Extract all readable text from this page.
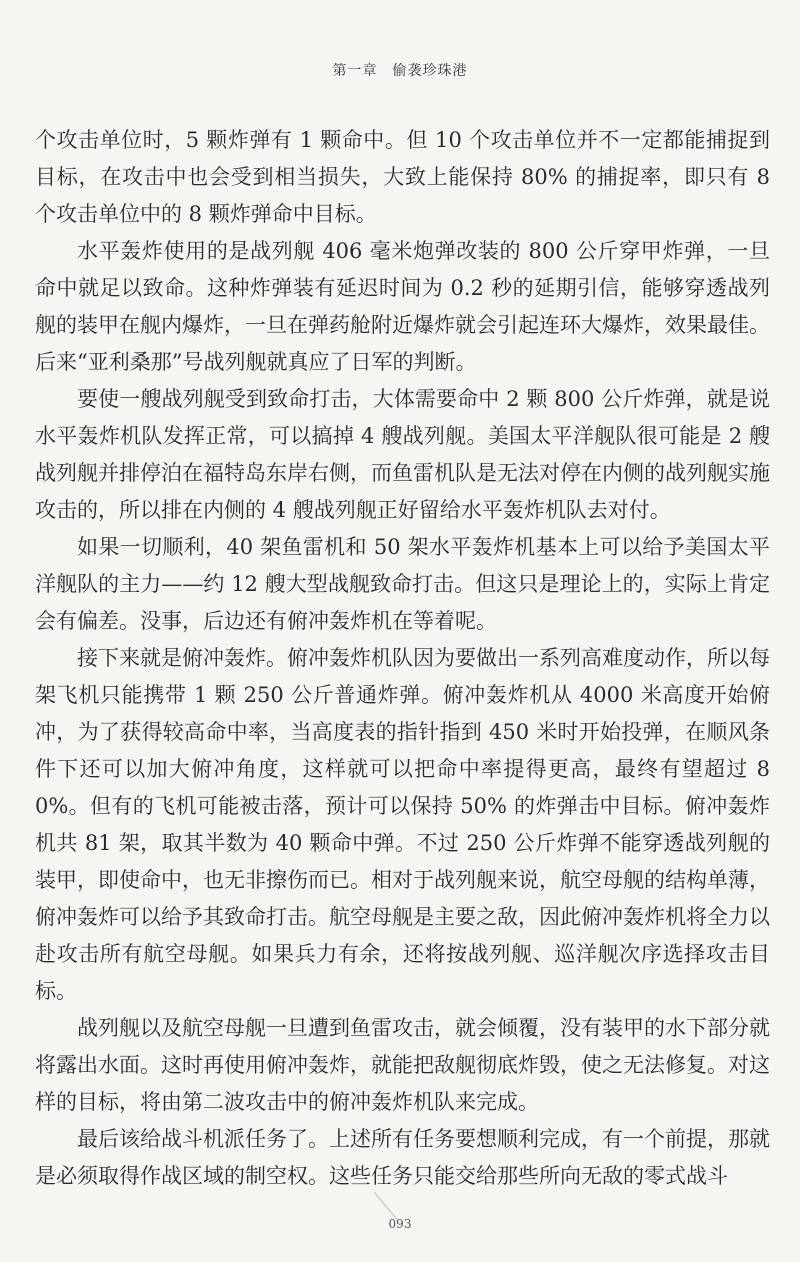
第一章　偷袭珍珠港

个攻击单位时，5 颗炸弹有 1 颗命中。但 10 个攻击单位并不一定都能捕捉到目标，在攻击中也会受到相当损失，大致上能保持 80% 的捕捉率，即只有 8 个攻击单位中的 8 颗炸弹命中目标。

水平轰炸使用的是战列舰 406 毫米炮弹改装的 800 公斤穿甲炸弹，一旦命中就足以致命。这种炸弹装有延迟时间为 0.2 秒的延期引信，能够穿透战列舰的装甲在舰内爆炸，一旦在弹药舱附近爆炸就会引起连环大爆炸，效果最佳。后来“亚利桑那”号战列舰就真应了日军的判断。

要使一艘战列舰受到致命打击，大体需要命中 2 颗 800 公斤炸弹，就是说水平轰炸机队发挥正常，可以搞掉 4 艘战列舰。美国太平洋舰队很可能是 2 艘战列舰并排停泊在福特岛东岸右侧，而鱼雷机队是无法对停在内侧的战列舰实施攻击的，所以排在内侧的 4 艘战列舰正好留给水平轰炸机队去对付。

如果一切顺利，40 架鱼雷机和 50 架水平轰炸机基本上可以给予美国太平洋舰队的主力——约 12 艘大型战舰致命打击。但这只是理论上的，实际上肯定会有偏差。没事，后边还有俯冲轰炸机在等着呢。

接下来就是俯冲轰炸。俯冲轰炸机队因为要做出一系列高难度动作，所以每架飞机只能携带 1 颗 250 公斤普通炸弹。俯冲轰炸机从 4000 米高度开始俯冲，为了获得较高命中率，当高度表的指针指到 450 米时开始投弹，在顺风条件下还可以加大俯冲角度，这样就可以把命中率提得更高，最终有望超过 80%。但有的飞机可能被击落，预计可以保持 50% 的炸弹击中目标。俯冲轰炸机共 81 架，取其半数为 40 颗命中弹。不过 250 公斤炸弹不能穿透战列舰的装甲，即使命中，也无非擦伤而已。相对于战列舰来说，航空母舰的结构单薄，俯冲轰炸可以给予其致命打击。航空母舰是主要之敌，因此俯冲轰炸机将全力以赴攻击所有航空母舰。如果兵力有余，还将按战列舰、巡洋舰次序选择攻击目标。

战列舰以及航空母舰一旦遭到鱼雷攻击，就会倾覆，没有装甲的水下部分就将露出水面。这时再使用俯冲轰炸，就能把敌舰彻底炸毁，使之无法修复。对这样的目标，将由第二波攻击中的俯冲轰炸机队来完成。

最后该给战斗机派任务了。上述所有任务要想顺利完成，有一个前提，那就是必须取得作战区域的制空权。这些任务只能交给那些所向无敌的零式战斗

093
